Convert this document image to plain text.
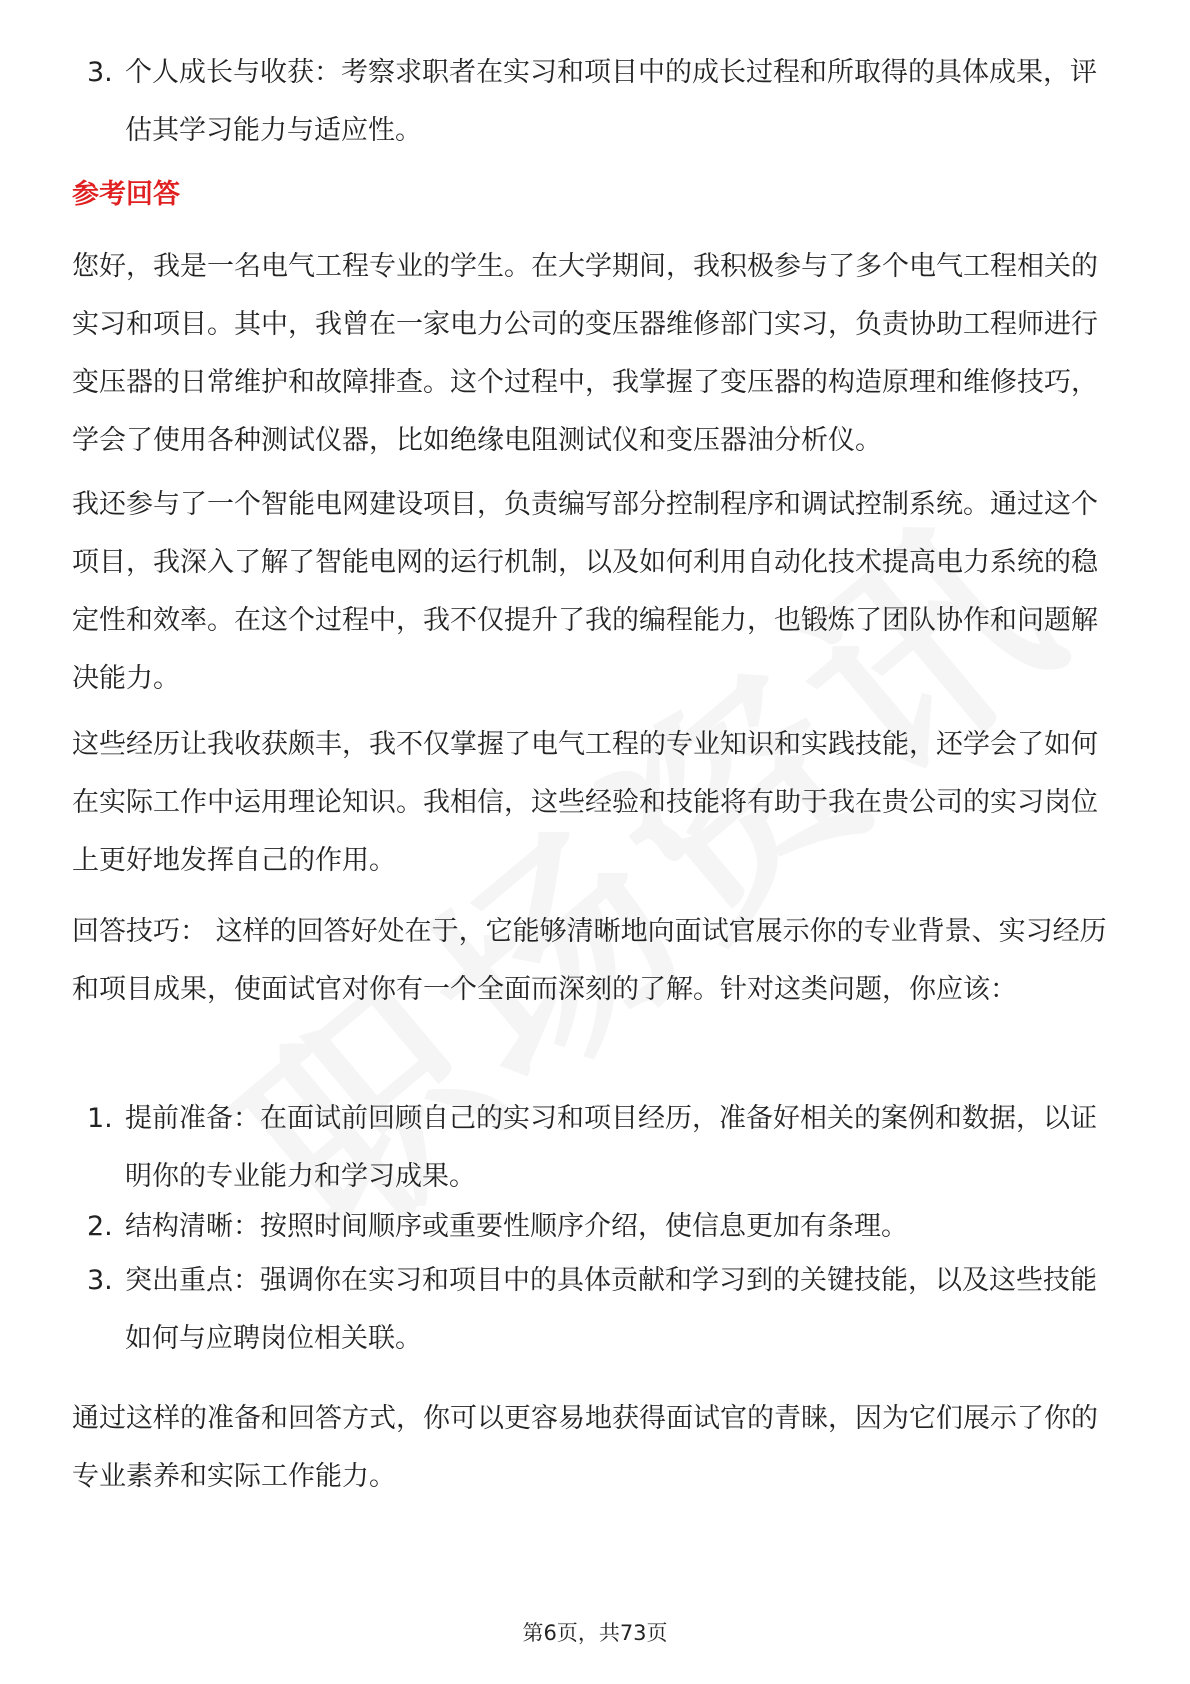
3. 个人成长与收获：考察求职者在实习和项目中的成长过程和所取得的具体成果，评估其学习能力与适应性。
参考回答
您好，我是一名电气工程专业的学生。在大学期间，我积极参与了多个电气工程相关的实习和项目。其中，我曾在一家电力公司的变压器维修部门实习，负责协助工程师进行变压器的日常维护和故障排查。这个过程中，我掌握了变压器的构造原理和维修技巧，学会了使用各种测试仪器，比如绝缘电阻测试仪和变压器油分析仪。
我还参与了一个智能电网建设项目，负责编写部分控制程序和调试控制系统。通过这个项目，我深入了解了智能电网的运行机制，以及如何利用自动化技术提高电力系统的稳定性和效率。在这个过程中，我不仅提升了我的编程能力，也锻炼了团队协作和问题解决能力。
这些经历让我收获颇丰，我不仅掌握了电气工程的专业知识和实践技能，还学会了如何在实际工作中运用理论知识。我相信，这些经验和技能将有助于我在贵公司的实习岗位上更好地发挥自己的作用。
回答技巧： 这样的回答好处在于，它能够清晰地向面试官展示你的专业背景、实习经历和项目成果，使面试官对你有一个全面而深刻的了解。针对这类问题，你应该：
1. 提前准备：在面试前回顾自己的实习和项目经历，准备好相关的案例和数据，以证明你的专业能力和学习成果。
2. 结构清晰：按照时间顺序或重要性顺序介绍，使信息更加有条理。
3. 突出重点：强调你在实习和项目中的具体贡献和学习到的关键技能，以及这些技能如何与应聘岗位相关联。
通过这样的准备和回答方式，你可以更容易地获得面试官的青睐，因为它们展示了你的专业素养和实际工作能力。
第6页，共73页
